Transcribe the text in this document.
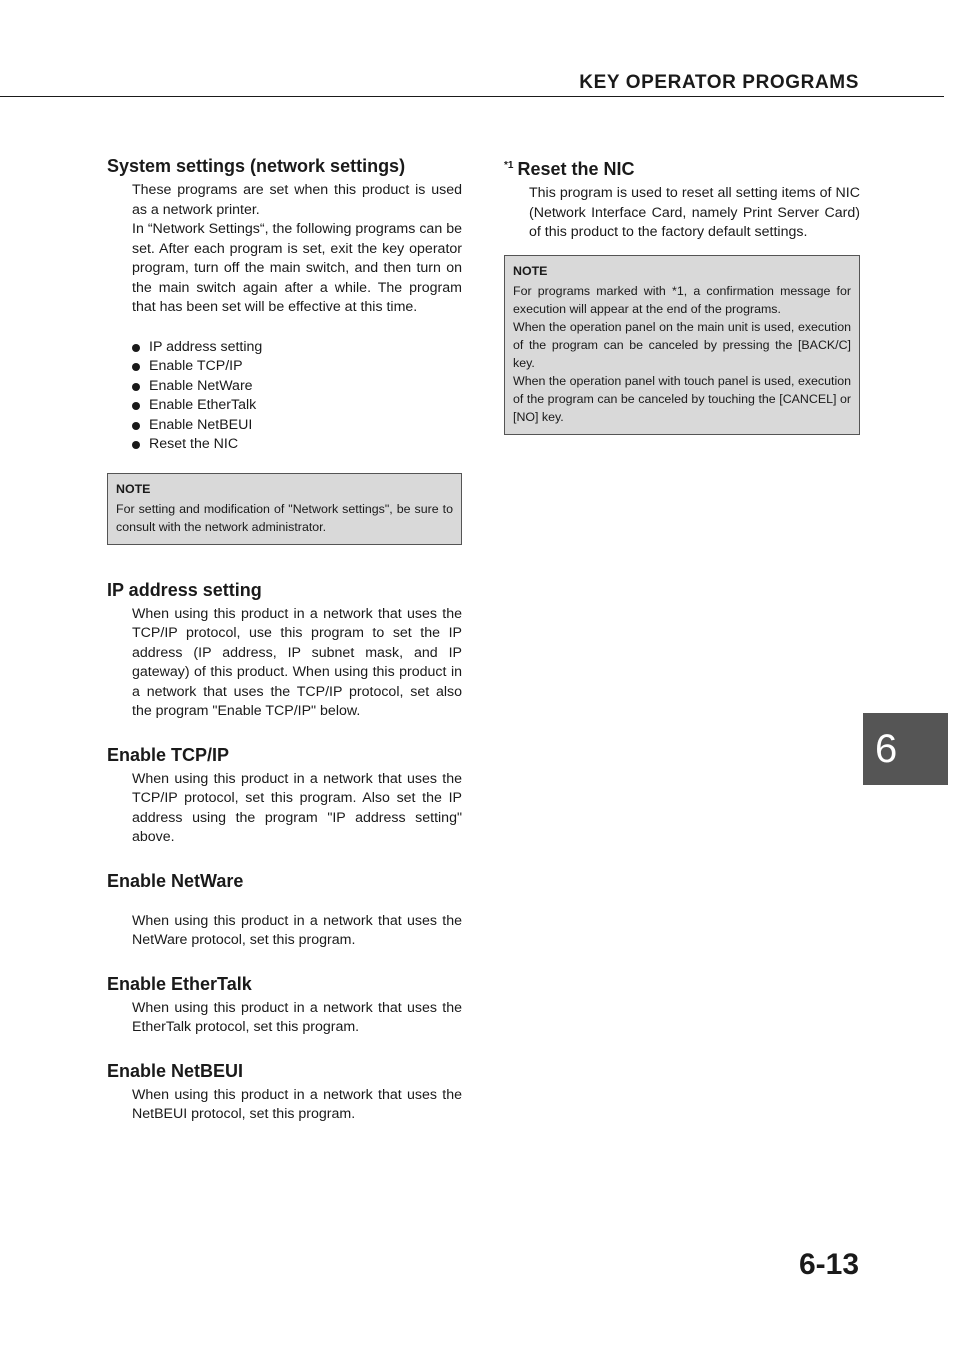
KEY OPERATOR PROGRAMS
System settings (network settings)

These programs are set when this product is used as a network printer.

In “Network Settings“, the following programs can be set. After each program is set, exit the key operator program, turn off the main switch, and then turn on the main switch again after a while. The program that has been set will be effective at this time.

IP address setting
Enable TCP/IP
Enable NetWare
Enable EtherTalk
Enable NetBEUI
Reset the NIC
NOTE

For setting and modification of "Network settings", be sure to consult with the network administrator.

IP address setting
When using this product in a network that uses the TCP/IP protocol, use this program to set the IP address (IP address, IP subnet mask, and IP gateway) of this product. When using this product in a network that uses the TCP/IP protocol, set also the program "Enable TCP/IP" below.
Enable TCP/IP
When using this product in a network that uses the TCP/IP protocol, set this program. Also set the IP address using the program "IP address setting" above.
Enable NetWare
When using this product in a network that uses the NetWare protocol, set this program.
Enable EtherTalk
When using this product in a network that uses the EtherTalk protocol, set this program.
Enable NetBEUI
When using this product in a network that uses the NetBEUI protocol, set this program.
$^{*1}$ Reset the NIC
This program is used to reset all setting items of NIC (Network Interface Card, namely Print Server Card) of this product to the factory default settings.
NOTE

For programs marked with *1, a confirmation message for execution will appear at the end of the programs.

When the operation panel on the main unit is used, execution of the program can be canceled by pressing the [BACK/C] key.

When the operation panel with touch panel is used, execution of the program can be canceled by touching the [CANCEL] or [NO] key.

6
6-13
